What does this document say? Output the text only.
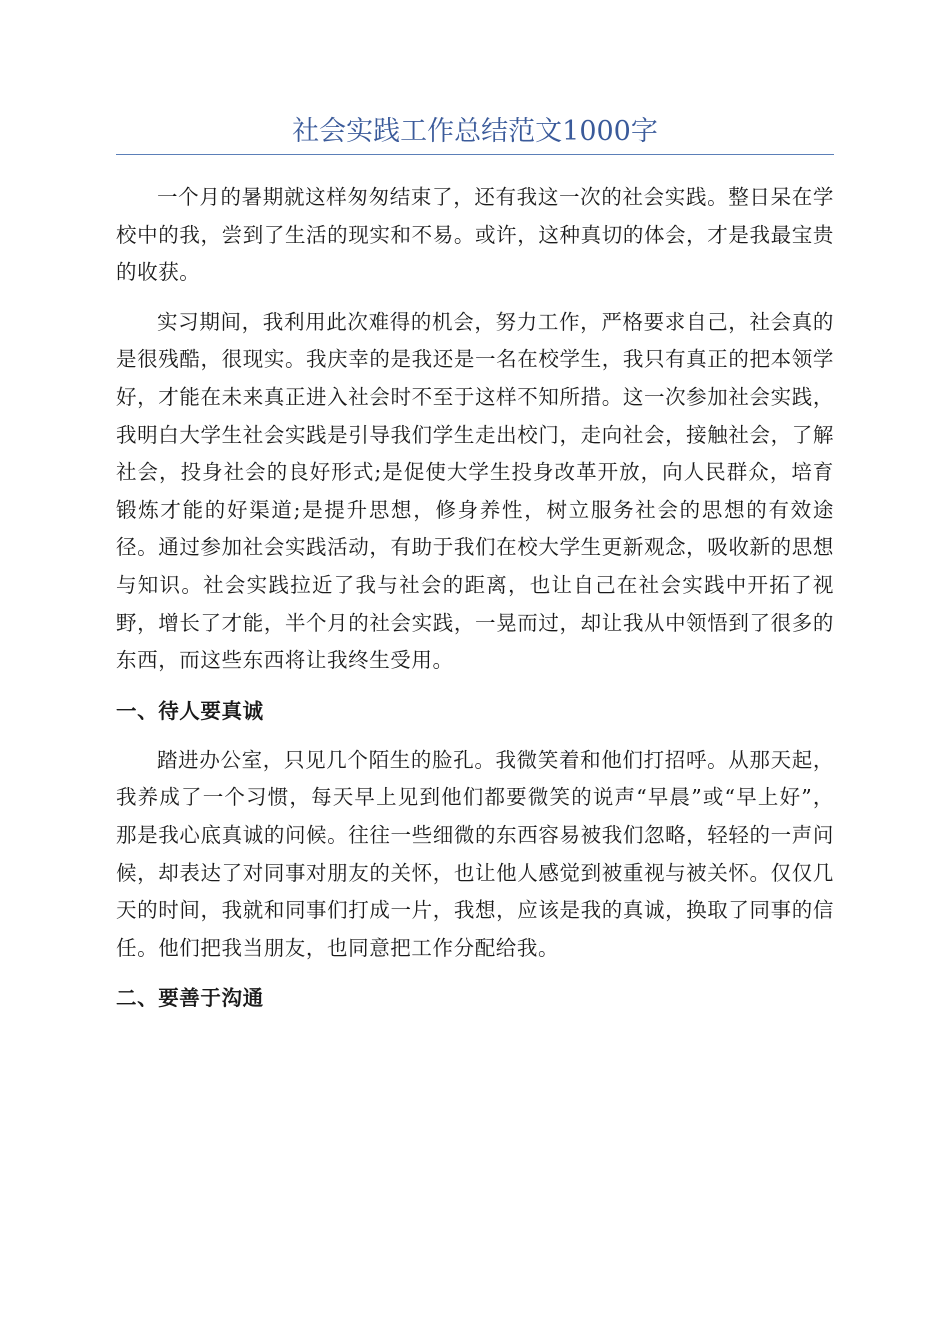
社会实践工作总结范文1000字

一个月的暑期就这样匆匆结束了，还有我这一次的社会实践。整日呆在学校中的我，尝到了生活的现实和不易。或许，这种真切的体会，才是我最宝贵的收获。

实习期间，我利用此次难得的机会，努力工作，严格要求自己，社会真的是很残酷，很现实。我庆幸的是我还是一名在校学生，我只有真正的把本领学好，才能在未来真正进入社会时不至于这样不知所措。这一次参加社会实践，我明白大学生社会实践是引导我们学生走出校门，走向社会，接触社会，了解社会，投身社会的良好形式;是促使大学生投身改革开放，向人民群众，培育锻炼才能的好渠道;是提升思想，修身养性，树立服务社会的思想的有效途径。通过参加社会实践活动，有助于我们在校大学生更新观念，吸收新的思想与知识。社会实践拉近了我与社会的距离，也让自己在社会实践中开拓了视野，增长了才能，半个月的社会实践，一晃而过，却让我从中领悟到了很多的东西，而这些东西将让我终生受用。

一、待人要真诚

踏进办公室，只见几个陌生的脸孔。我微笑着和他们打招呼。从那天起，我养成了一个习惯，每天早上见到他们都要微笑的说声“早晨”或“早上好”，那是我心底真诚的问候。往往一些细微的东西容易被我们忽略，轻轻的一声问候，却表达了对同事对朋友的关怀，也让他人感觉到被重视与被关怀。仅仅几天的时间，我就和同事们打成一片，我想，应该是我的真诚，换取了同事的信任。他们把我当朋友，也同意把工作分配给我。

二、要善于沟通
